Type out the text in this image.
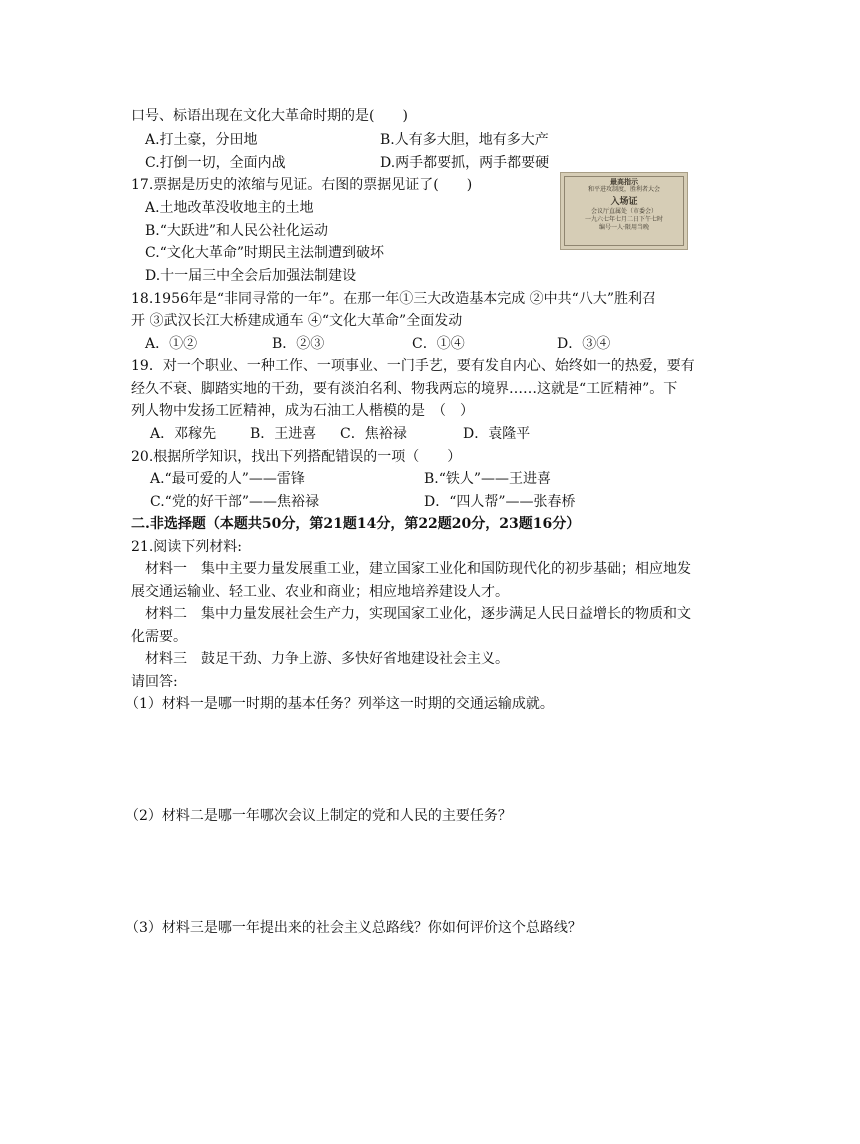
口号、标语出现在文化大革命时期的是(　　)
A.打土豪，分田地	B.人有多大胆，地有多大产
C.打倒一切，全面内战	D.两手都要抓，两手都要硬
17.票据是历史的浓缩与见证。右图的票据见证了(　　)
A.土地改革没收地主的土地
B.“大跃进”和人民公社化运动
C.“文化大革命”时期民主法制遭到破坏
D.十一届三中全会后加强法制建设
最高指示
和平进攻制度，胜利者大会
入场证
会议厅直属处（市委会）
一九六七年七月二日下午七时
编号一人·限用当晚
18.1956年是“非同寻常的一年”。在那一年①三大改造基本完成 ②中共“八大”胜利召
开 ③武汉长江大桥建成通车 ④“文化大革命”全面发动
A．①②	B．②③	C．①④	D．③④
19．对一个职业、一种工作、一项事业、一门手艺，要有发自内心、始终如一的热爱，要有
经久不衰、脚踏实地的干劲，要有淡泊名利、物我两忘的境界……这就是“工匠精神”。下
列人物中发扬工匠精神，成为石油工人楷模的是　（　）
A．邓稼先 B．王进喜 C．焦裕禄	D．袁隆平
20.根据所学知识，找出下列搭配错误的一项（　　）
A.“最可爱的人”——雷锋	B.“铁人”——王进喜
C.“党的好干部”——焦裕禄	D．“四人帮”——张春桥
二.非选择题（本题共50分，第21题14分，第22题20分，23题16分）
21.阅读下列材料:
材料一　集中主要力量发展重工业，建立国家工业化和国防现代化的初步基础；相应地发
展交通运输业、轻工业、农业和商业；相应地培养建设人才。
材料二　集中力量发展社会生产力，实现国家工业化，逐步满足人民日益增长的物质和文
化需要。
材料三　鼓足干劲、力争上游、多快好省地建设社会主义。
请回答:
（1）材料一是哪一时期的基本任务？列举这一时期的交通运输成就。
（2）材料二是哪一年哪次会议上制定的党和人民的主要任务？
（3）材料三是哪一年提出来的社会主义总路线？你如何评价这个总路线？
